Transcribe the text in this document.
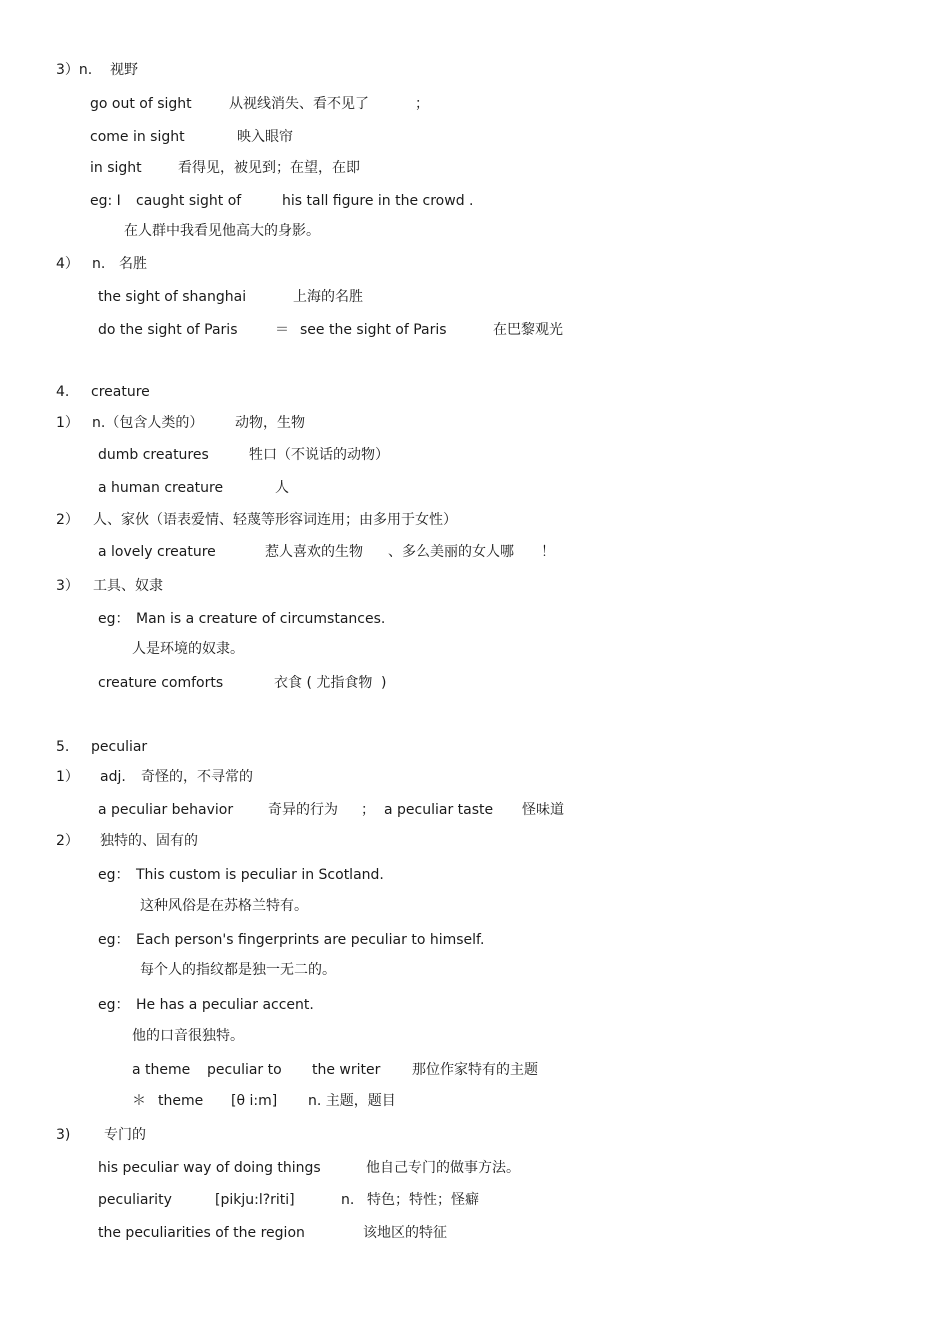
3）n. 视野
go out of sight	从视线消失、看不见了	；
come in sight	映入眼帘
in sight	看得见，被见到；在望，在即
eg: I caught sight of	his tall figure in the crowd .
在人群中我看见他高大的身影。
4） n. 名胜
the sight of shanghai	上海的名胜
do the sight of Paris	＝ see the sight of Paris	在巴黎观光
4. creature
1） n.（包含人类的） 动物，生物
dumb creatures	牲口（不说话的动物）
a human creature	人
2） 人、家伙（语表爱情、轻蔑等形容词连用；由多用于女性）
a lovely creature	惹人喜欢的生物 、多么美丽的女人哪 ！
3） 工具、奴隶
eg： Man is a creature of circumstances.
人是环境的奴隶。
creature comforts	衣食 ( 尤指食物 )
5. peculiar
1） adj. 奇怪的，不寻常的
a peculiar behavior 奇异的行为 ； a peculiar taste 怪味道
2） 独特的、固有的
eg： This custom is peculiar in Scotland.
这种风俗是在苏格兰特有。
eg： Each person's fingerprints are peculiar to himself.
每个人的指纹都是独一无二的。
eg： He has a peculiar accent.
他的口音很独特。
a theme peculiar to the writer 那位作家特有的主题
＊ theme [θ i:m] n. 主题，题目
3) 专门的
his peculiar way of doing things	他自己专门的做事方法。
peculiarity	[pikju:l?riti]	n. 特色；特性；怪癖
the peculiarities of the region	该地区的特征
